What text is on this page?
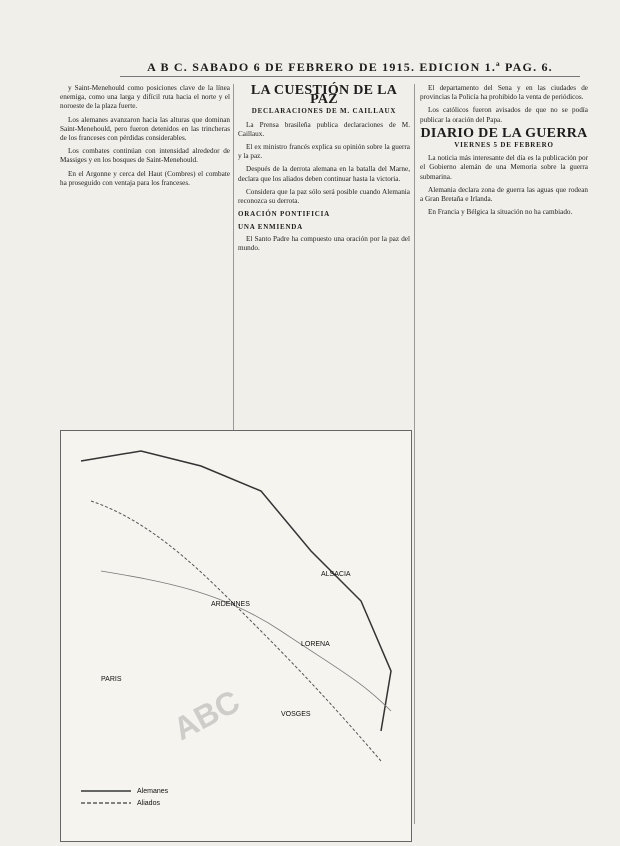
A B C. SABADO 6 DE FEBRERO DE 1915. EDICION 1.ª PAG. 6.

y Saint-Menehould como posiciones clave de la línea enemiga, como una larga y difícil ruta hacia el norte y el noroeste de la plaza fuerte.

Los alemanes avanzaron hacia las alturas que dominan Saint-Menehould, pero fueron detenidos en las trincheras de los franceses con pérdidas considerables.

Los combates continúan con intensidad alrededor de Massiges y en los bosques de Saint-Menehould.

En el Argonne y cerca del Haut (Combres) el combate ha proseguido con ventaja para los franceses.

LA CUESTIÓN DE LA PAZ
DECLARACIONES DE M. CAILLAUX

La Prensa brasileña publica declaraciones de M. Caillaux.

El ex ministro francés explica su opinión sobre la guerra y la paz.

Después de la derrota alemana en la batalla del Marne, declara que los aliados deben continuar hasta la victoria.

Considera que la paz sólo será posible cuando Alemania reconozca su derrota.

ORACIÓN PONTIFICIA
UNA ENMIENDA

El Santo Padre ha compuesto una oración por la paz del mundo.

El departamento del Sena y en las ciudades de provincias la Policía ha prohibido la venta de periódicos.

Los católicos fueron avisados de que no se podía publicar la oración del Papa.

DIARIO DE LA GUERRA
VIERNES 5 DE FEBRERO

La noticia más interesante del día es la publicación por el Gobierno alemán de una Memoria sobre la guerra submarina.

Alemania declara zona de guerra las aguas que rodean a Gran Bretaña e Irlanda.

En Francia y Bélgica la situación no ha cambiado.

ARDENNES
LORENA
PARIS
ALSACIA
VOSGES
Alemanes
Aliados
ABC
